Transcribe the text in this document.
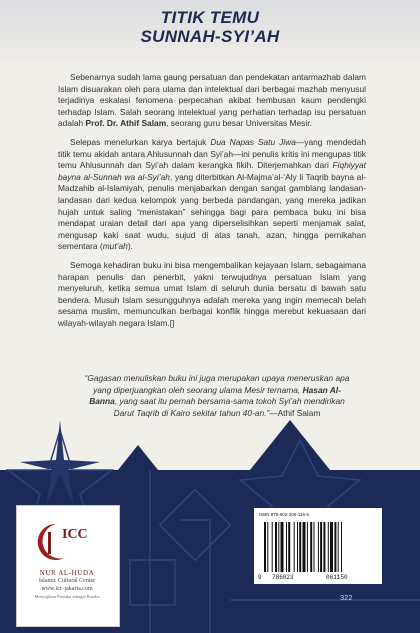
TITIK TEMU
SUNNAH-SYI’AH

Sebenarnya sudah lama gaung persatuan dan pendekatan antarmazhab dalam Islam disuarakan oleh para ulama dan intelektual dari berbagai mazhab menyusul terjadinya eskalasi fenomena perpecahan akibat hembusan kaum pendengki terhadap Islam. Salah seorang intelektual yang perhatian terhadap isu persatuan adalah Prof. Dr. Athif Salam, seorang guru besar Universitas Mesir.

Selepas menelurkan karya bertajuk Dua Napas Satu Jiwa—yang mendedah titik temu akidah antara Ahlusunnah dan Syi’ah—ini penulis kritis ini mengupas titik temu Ahlusunnah dan Syi’ah dalam kerangka fikih. Diterjemahkan dari Fiqhiyyat bayna al-Sunnah wa al-Syi’ah, yang diterbitkan Al-Majma’al-‘Aly li Taqrib bayna al-Madzahib al-Islamiyah, penulis menjabarkan dengan sangat gamblang landasan-landasan dari kedua kelompok yang berbeda pandangan, yang mereka jadikan hujah untuk saling “menistakan” sehingga bagi para pembaca buku ini bisa mendapat uraian detail dari apa yang diperselisihkan seperti menjamak salat, mengusap kaki saat wudu, sujud di atas tanah, azan, hingga pernikahan sementara (mut’ah).

Semoga kehadiran buku ini bisa mengembalikan kejayaan Islam, sebagaimana harapan penulis dan penerbit, yakni terwujudnya persatuan Islam yang menyeluruh, ketika semua umat Islam di seluruh dunia bersatu di bawah satu bendera. Musuh Islam sesungguhnya adalah mereka yang ingin memecah belah sesama muslim, memunculkan berbagai konflik hingga merebut kekuasaan dari wilayah-wilayah negara Islam.[]

“Gagasan menuliskan buku ini juga merupakan upaya meneruskan apa yang diperjuangkan oleh seorang ulama Mesir ternama, Hasan Al-Banna, yang saat itu pernah bersama-sama tokoh Syi’ah mendirikan Darut Taqrib di Kairo sekitar tahun 40-an.”—Athif Salam
ICC
NUR AL-HUDA
Islamic Cultural Center
www.icc-jakarta.com
Menyajikan Pustaka sebagai Pusaka
ISBN 978-602-306-116-6
9 786023	061150
322
